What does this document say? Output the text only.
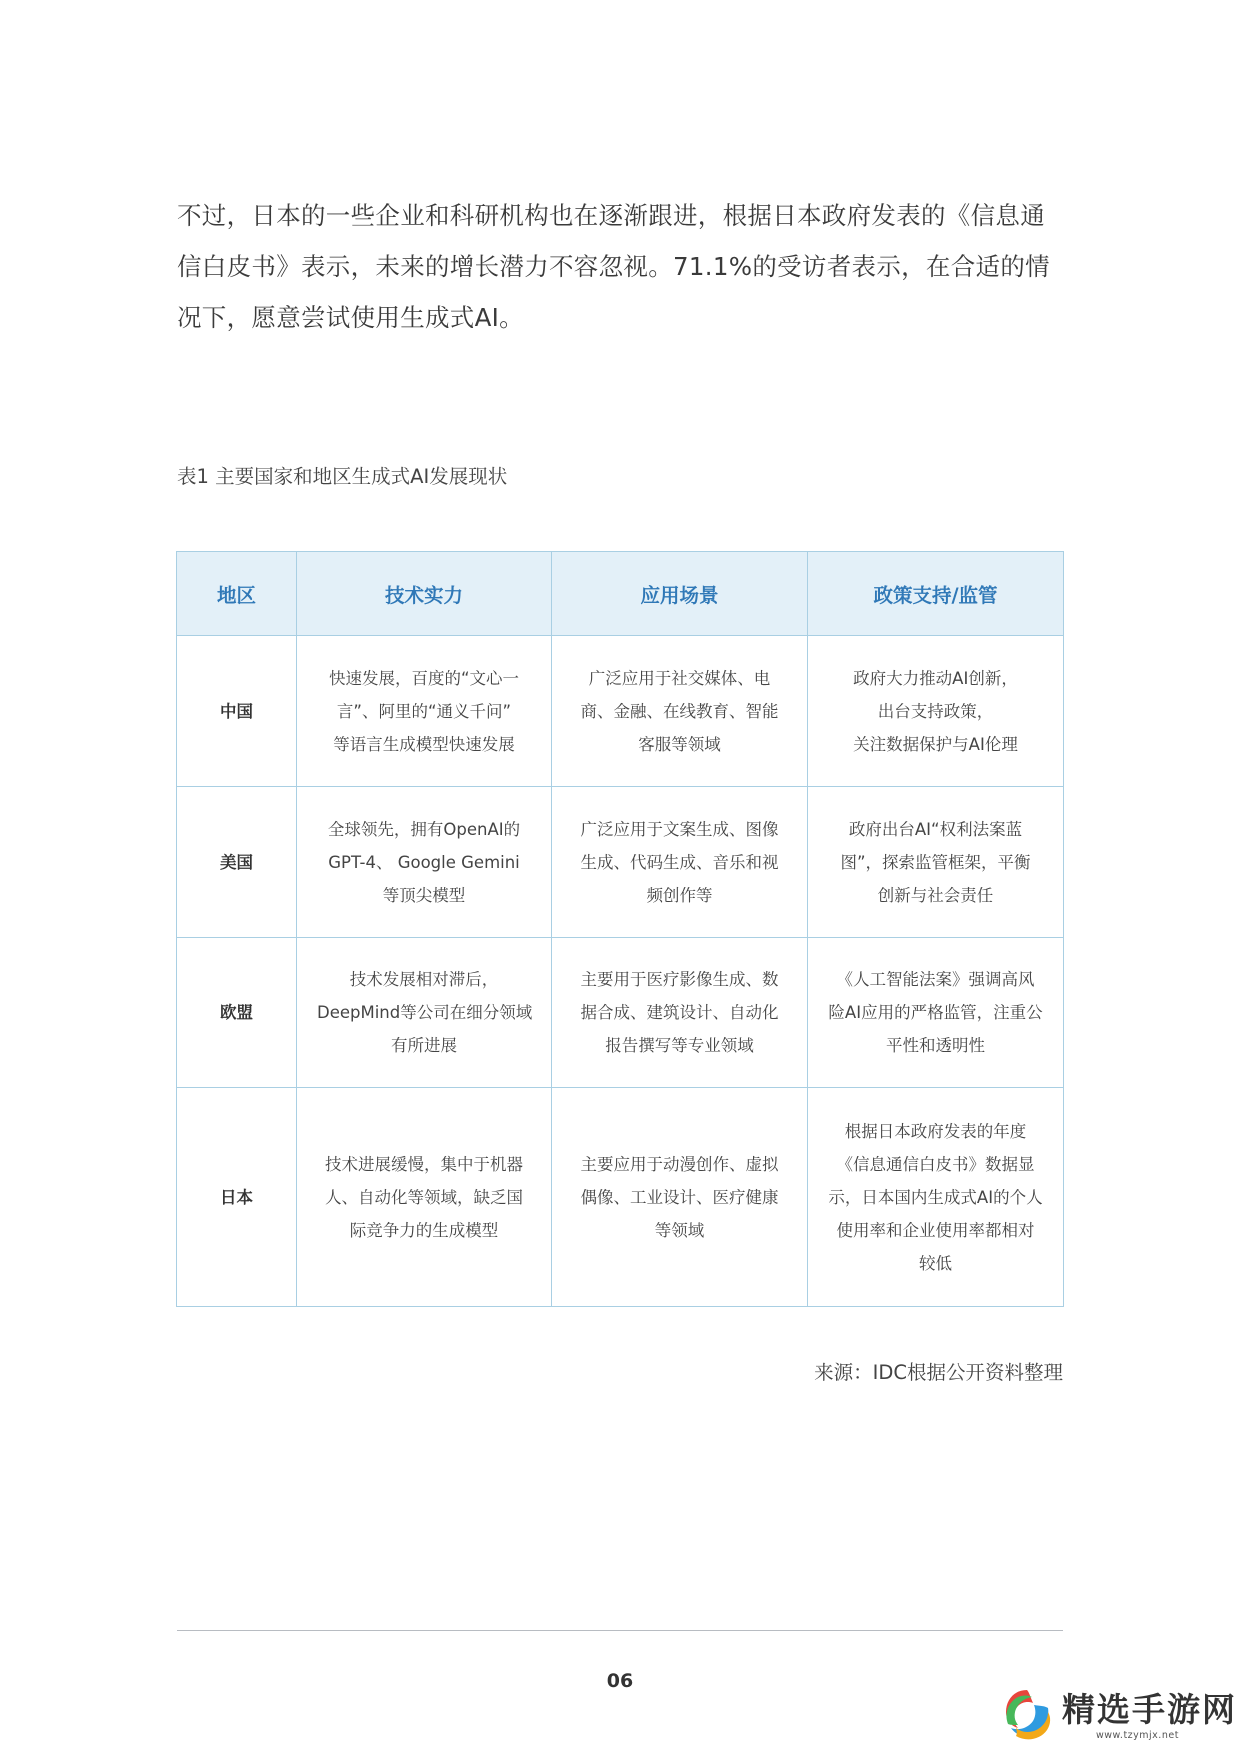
不过，日本的一些企业和科研机构也在逐渐跟进，根据日本政府发表的《信息通
信白皮书》表示，未来的增长潜力不容忽视。71.1%的受访者表示，在合适的情
况下，愿意尝试使用生成式AI。
表1 主要国家和地区生成式AI发展现状
地区	技术实力	应用场景	政策支持/监管
中国	快速发展，百度的“文心一
言”、阿里的“通义千问”
等语言生成模型快速发展	广泛应用于社交媒体、电
商、金融、在线教育、智能
客服等领域	政府大力推动AI创新，
出台支持政策，
关注数据保护与AI伦理

美国	全球领先，拥有OpenAI的
GPT-4、 Google Gemini
等顶尖模型	广泛应用于文案生成、图像
生成、代码生成、音乐和视
频创作等	政府出台AI“权利法案蓝
图”，探索监管框架，平衡
创新与社会责任

欧盟	技术发展相对滞后，
DeepMind等公司在细分领域
有所进展	主要用于医疗影像生成、数
据合成、建筑设计、自动化
报告撰写等专业领域	《人工智能法案》强调高风
险AI应用的严格监管，注重公
平性和透明性

日本	技术进展缓慢，集中于机器
人、自动化等领域，缺乏国
际竞争力的生成模型	主要应用于动漫创作、虚拟
偶像、工业设计、医疗健康
等领域	根据日本政府发表的年度
《信息通信白皮书》数据显
示，日本国内生成式AI的个人
使用率和企业使用率都相对
较低
来源：IDC根据公开资料整理
06
精选手游网
www.tzymjx.net
